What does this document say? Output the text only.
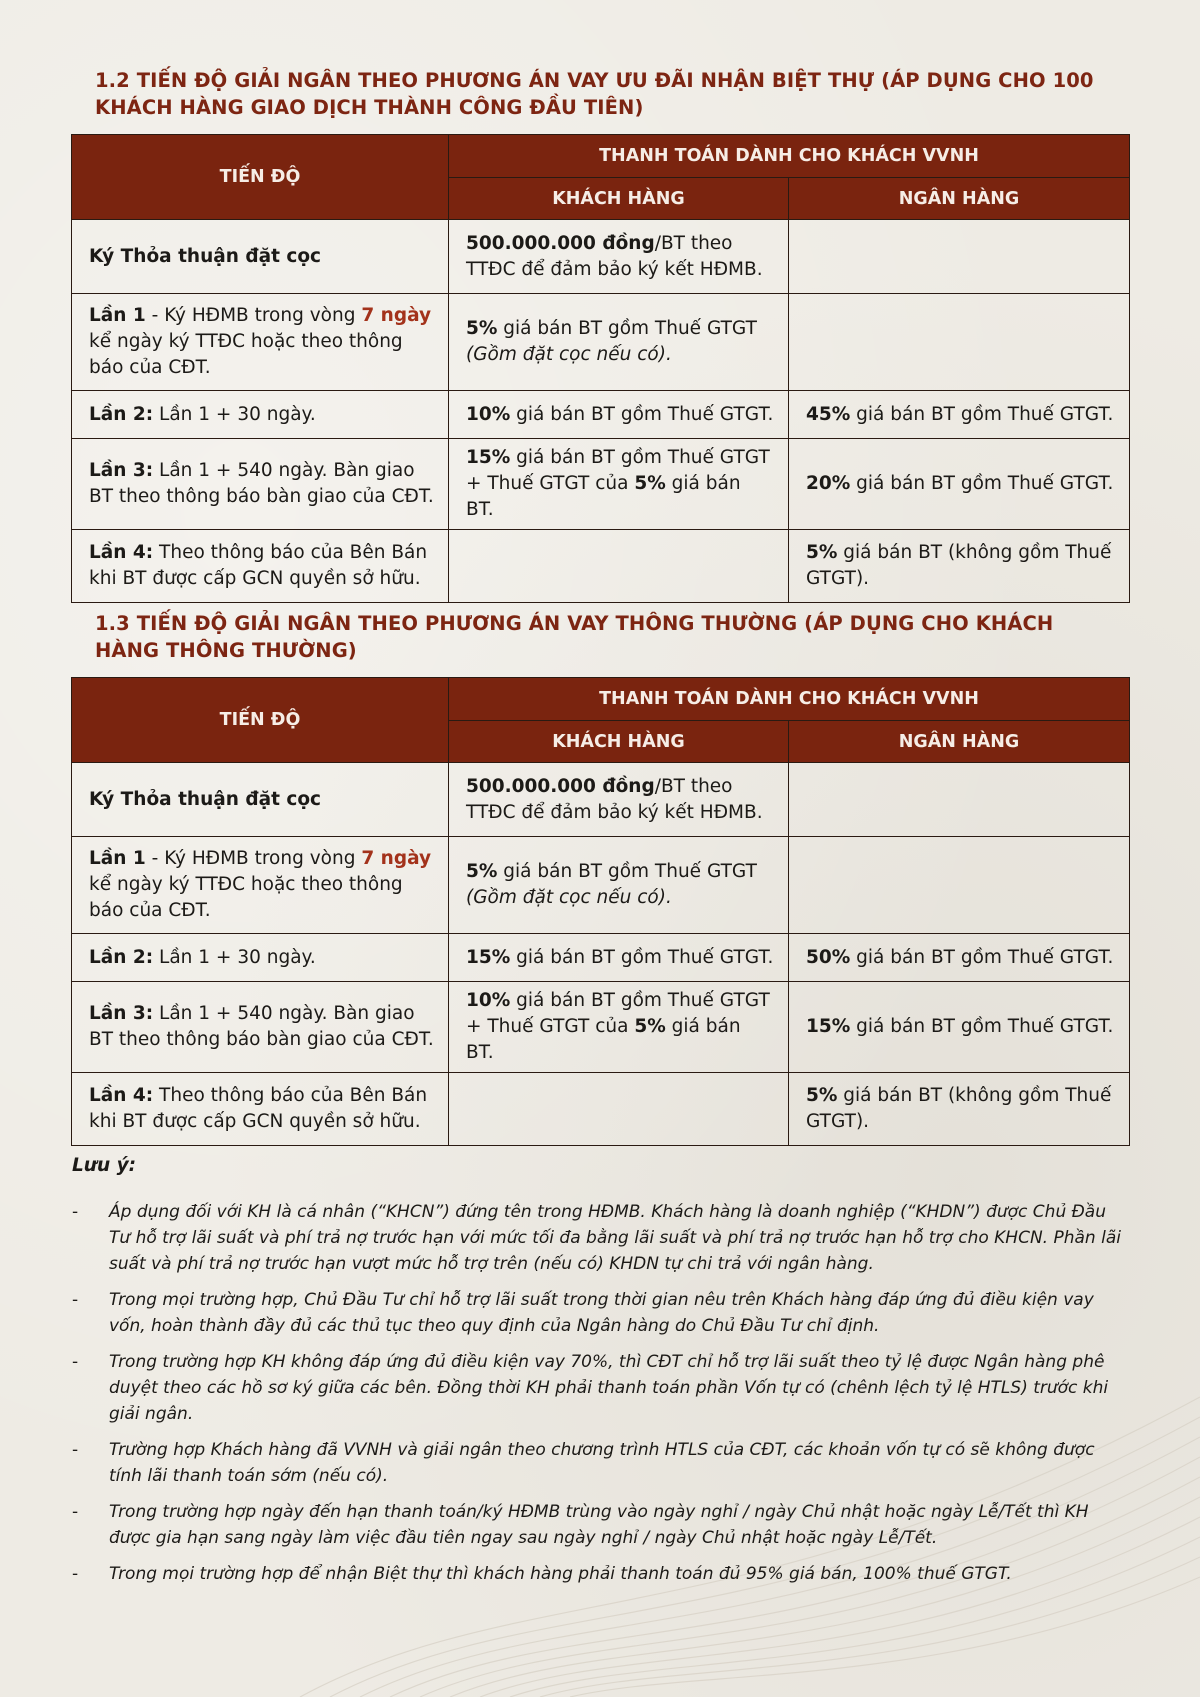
1.2 TIẾN ĐỘ GIẢI NGÂN THEO PHƯƠNG ÁN VAY ƯU ĐÃI NHẬN BIỆT THỰ (ÁP DỤNG CHO 100 KHÁCH HÀNG GIAO DỊCH THÀNH CÔNG ĐẦU TIÊN)
TIẾN ĐỘ	THANH TOÁN DÀNH CHO KHÁCH VVNH	
	KHÁCH HÀNG	NGÂN HÀNG
Ký Thỏa thuận đặt cọc	500.000.000 đồng/BT theo TTĐC để đảm bảo ký kết HĐMB.	
Lần 1 - Ký HĐMB trong vòng 7 ngày kể ngày ký TTĐC hoặc theo thông báo của CĐT.	5% giá bán BT gồm Thuế GTGT
(Gồm đặt cọc nếu có).	
Lần 2: Lần 1 + 30 ngày.	10% giá bán BT gồm Thuế GTGT.	45% giá bán BT gồm Thuế GTGT.
Lần 3: Lần 1 + 540 ngày. Bàn giao BT theo thông báo bàn giao của CĐT.	15% giá bán BT gồm Thuế GTGT + Thuế GTGT của 5% giá bán BT.	20% giá bán BT gồm Thuế GTGT.
Lần 4: Theo thông báo của Bên Bán khi BT được cấp GCN quyền sở hữu.		5% giá bán BT (không gồm Thuế GTGT).
1.3 TIẾN ĐỘ GIẢI NGÂN THEO PHƯƠNG ÁN VAY THÔNG THƯỜNG (ÁP DỤNG CHO KHÁCH HÀNG THÔNG THƯỜNG)
TIẾN ĐỘ	THANH TOÁN DÀNH CHO KHÁCH VVNH	
	KHÁCH HÀNG	NGÂN HÀNG
Ký Thỏa thuận đặt cọc	500.000.000 đồng/BT theo TTĐC để đảm bảo ký kết HĐMB.	
Lần 1 - Ký HĐMB trong vòng 7 ngày kể ngày ký TTĐC hoặc theo thông báo của CĐT.	5% giá bán BT gồm Thuế GTGT
(Gồm đặt cọc nếu có).	
Lần 2: Lần 1 + 30 ngày.	15% giá bán BT gồm Thuế GTGT.	50% giá bán BT gồm Thuế GTGT.
Lần 3: Lần 1 + 540 ngày. Bàn giao BT theo thông báo bàn giao của CĐT.	10% giá bán BT gồm Thuế GTGT + Thuế GTGT của 5% giá bán BT.	15% giá bán BT gồm Thuế GTGT.
Lần 4: Theo thông báo của Bên Bán khi BT được cấp GCN quyền sở hữu.		5% giá bán BT (không gồm Thuế GTGT).

Lưu ý:

- Áp dụng đối với KH là cá nhân (“KHCN”) đứng tên trong HĐMB. Khách hàng là doanh nghiệp (“KHDN”) được Chủ Đầu Tư hỗ trợ lãi suất và phí trả nợ trước hạn với mức tối đa bằng lãi suất và phí trả nợ trước hạn hỗ trợ cho KHCN. Phần lãi suất và phí trả nợ trước hạn vượt mức hỗ trợ trên (nếu có) KHDN tự chi trả với ngân hàng.
- Trong mọi trường hợp, Chủ Đầu Tư chỉ hỗ trợ lãi suất trong thời gian nêu trên Khách hàng đáp ứng đủ điều kiện vay vốn, hoàn thành đầy đủ các thủ tục theo quy định của Ngân hàng do Chủ Đầu Tư chỉ định.
- Trong trường hợp KH không đáp ứng đủ điều kiện vay 70%, thì CĐT chỉ hỗ trợ lãi suất theo tỷ lệ được Ngân hàng phê duyệt theo các hồ sơ ký giữa các bên. Đồng thời KH phải thanh toán phần Vốn tự có (chênh lệch tỷ lệ HTLS) trước khi giải ngân.
- Trường hợp Khách hàng đã VVNH và giải ngân theo chương trình HTLS của CĐT, các khoản vốn tự có sẽ không được tính lãi thanh toán sớm (nếu có).
- Trong trường hợp ngày đến hạn thanh toán/ký HĐMB trùng vào ngày nghỉ / ngày Chủ nhật hoặc ngày Lễ/Tết thì KH được gia hạn sang ngày làm việc đầu tiên ngay sau ngày nghỉ / ngày Chủ nhật hoặc ngày Lễ/Tết.
- Trong mọi trường hợp để nhận Biệt thự thì khách hàng phải thanh toán đủ 95% giá bán, 100% thuế GTGT.
